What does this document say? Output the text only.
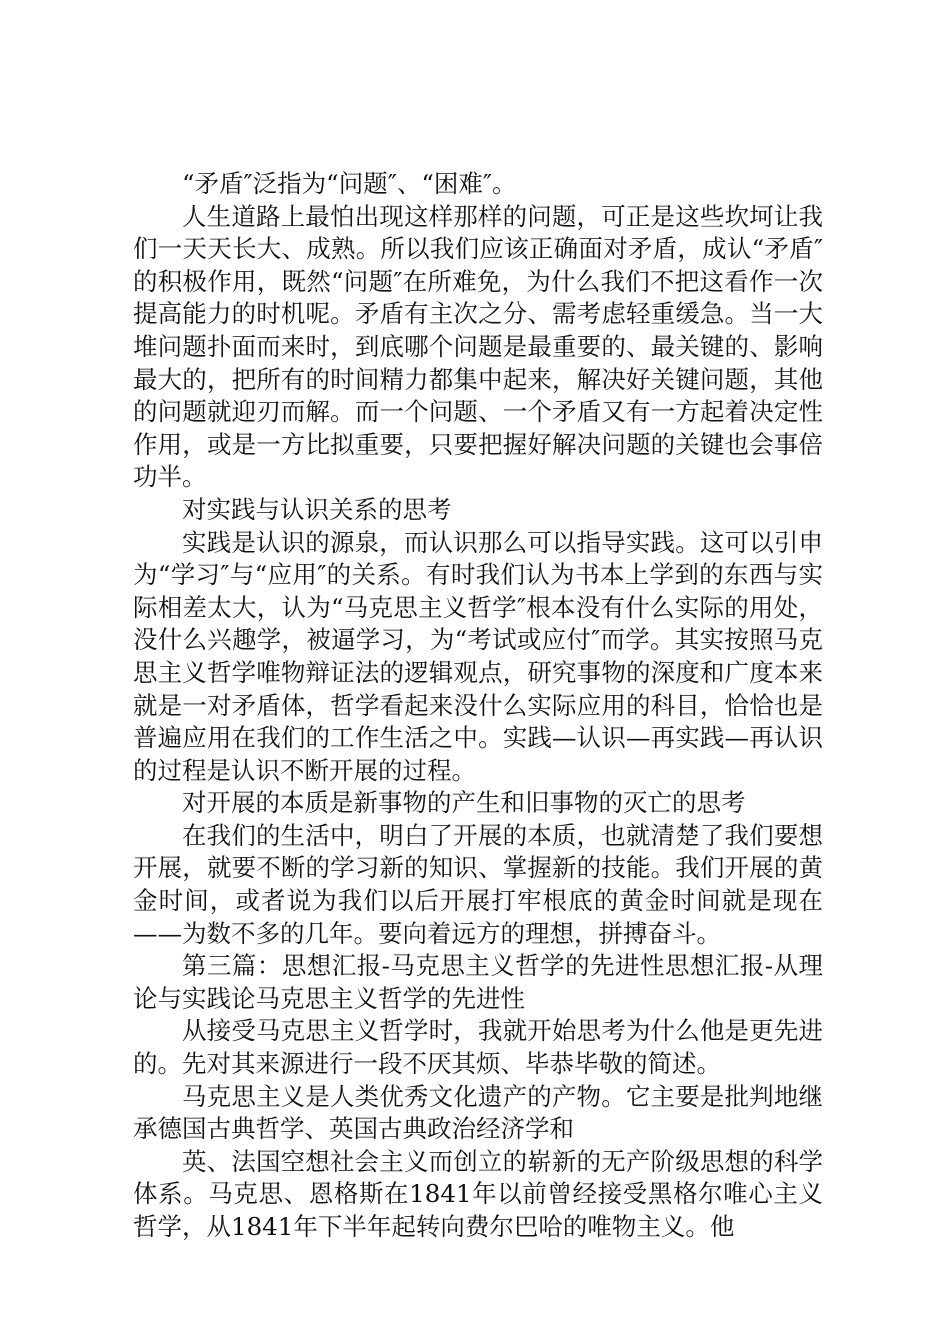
“矛盾″泛指为“问题″、“困难″。

人生道路上最怕出现这样那样的问题，可正是这些坎坷让我们一天天长大、成熟。所以我们应该正确面对矛盾，成认“矛盾″的积极作用，既然“问题″在所难免，为什么我们不把这看作一次提高能力的时机呢。矛盾有主次之分、需考虑轻重缓急。当一大堆问题扑面而来时，到底哪个问题是最重要的、最关键的、影响最大的，把所有的时间精力都集中起来，解决好关键问题，其他的问题就迎刃而解。而一个问题、一个矛盾又有一方起着决定性作用，或是一方比拟重要，只要把握好解决问题的关键也会事倍功半。

对实践与认识关系的思考

实践是认识的源泉，而认识那么可以指导实践。这可以引申为“学习″与“应用″的关系。有时我们认为书本上学到的东西与实际相差太大，认为“马克思主义哲学″根本没有什么实际的用处，没什么兴趣学，被逼学习，为“考试或应付″而学。其实按照马克思主义哲学唯物辩证法的逻辑观点，研究事物的深度和广度本来就是一对矛盾体，哲学看起来没什么实际应用的科目，恰恰也是普遍应用在我们的工作生活之中。实践—认识—再实践—再认识的过程是认识不断开展的过程。

对开展的本质是新事物的产生和旧事物的灭亡的思考

在我们的生活中，明白了开展的本质，也就清楚了我们要想开展，就要不断的学习新的知识、掌握新的技能。我们开展的黄金时间，或者说为我们以后开展打牢根底的黄金时间就是现在——为数不多的几年。要向着远方的理想，拼搏奋斗。

第三篇：思想汇报-马克思主义哲学的先进性思想汇报-从理论与实践论马克思主义哲学的先进性

从接受马克思主义哲学时，我就开始思考为什么他是更先进的。先对其来源进行一段不厌其烦、毕恭毕敬的简述。

马克思主义是人类优秀文化遗产的产物。它主要是批判地继承德国古典哲学、英国古典政治经济学和

英、法国空想社会主义而创立的崭新的无产阶级思想的科学体系。马克思、恩格斯在1841年以前曾经接受黑格尔唯心主义哲学，从1841年下半年起转向费尔巴哈的唯物主义。他
